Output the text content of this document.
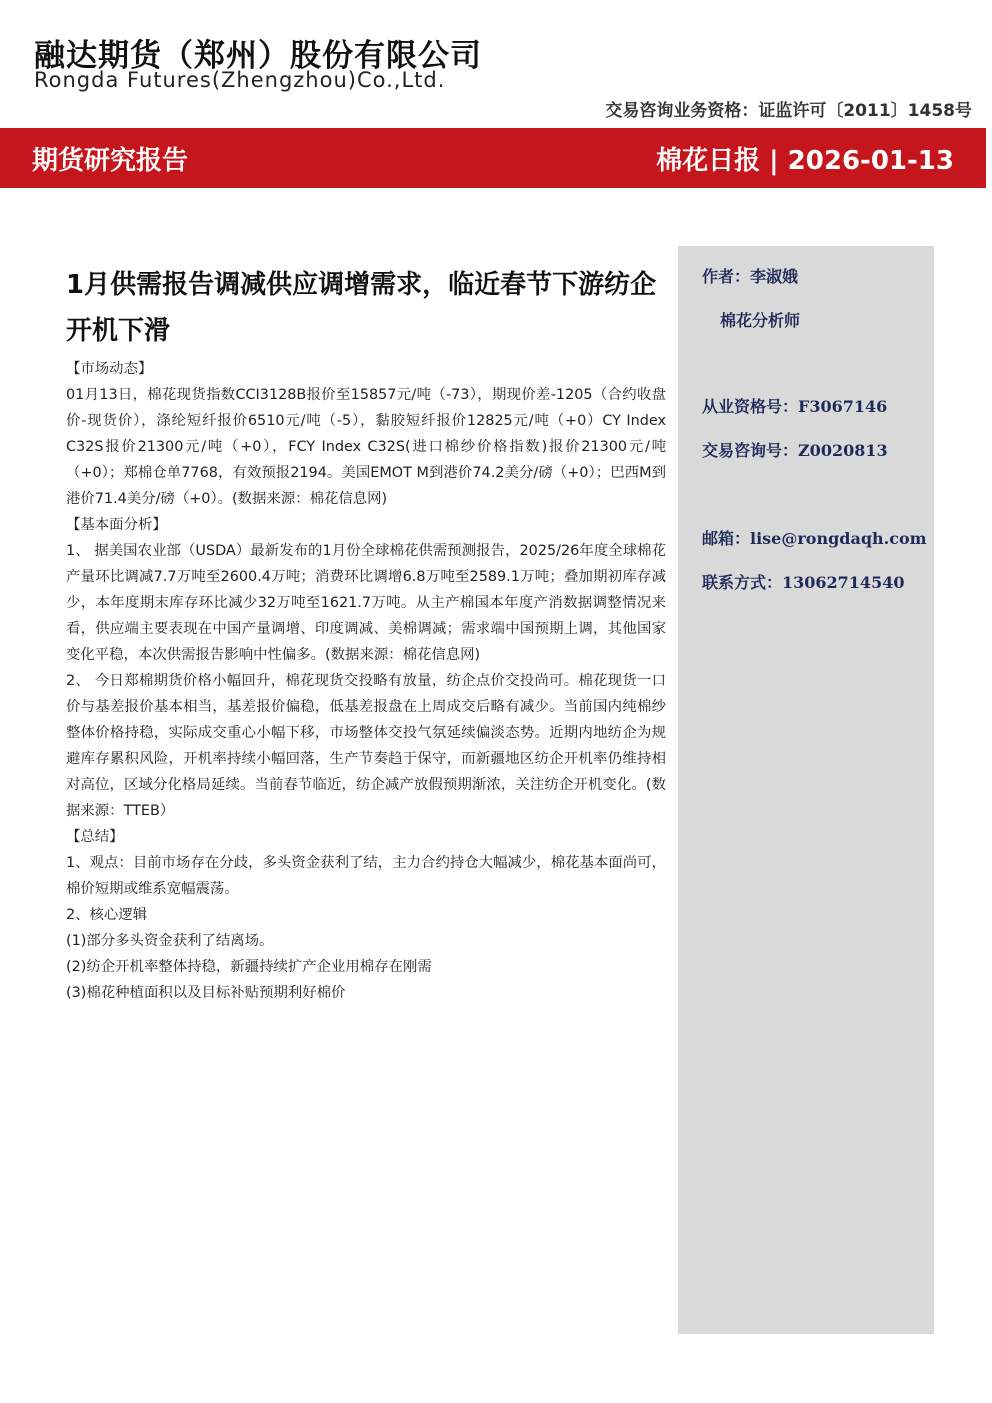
融达期货（郑州）股份有限公司
Rongda Futures(Zhengzhou)Co.,Ltd.
交易咨询业务资格：证监许可〔2011〕1458号
期货研究报告	棉花日报 | 2026-01-13
作者：李淑娥
棉花分析师
从业资格号：F3067146
交易咨询号：Z0020813
邮箱：lise@rongdaqh.com
联系方式：13062714540
1月供需报告调减供应调增需求，临近春节下游纺企开机下滑

【市场动态】

01月13日，棉花现货指数CCI3128B报价至15857元/吨（-73），期现价差-1205（合约收盘价-现货价），涤纶短纤报价6510元/吨（-5），黏胶短纤报价12825元/吨（+0）CY Index C32S报价21300元/吨（+0），FCY Index C32S(进口棉纱价格指数)报价21300元/吨（+0）；郑棉仓单7768，有效预报2194。美国EMOT M到港价74.2美分/磅（+0）；巴西M到港价71.4美分/磅（+0）。(数据来源：棉花信息网)

【基本面分析】

1、 据美国农业部（USDA）最新发布的1月份全球棉花供需预测报告，2025/26年度全球棉花产量环比调减7.7万吨至2600.4万吨；消费环比调增6.8万吨至2589.1万吨；叠加期初库存减少，本年度期末库存环比减少32万吨至1621.7万吨。从主产棉国本年度产消数据调整情况来看，供应端主要表现在中国产量调增、印度调减、美棉调减；需求端中国预期上调，其他国家变化平稳，本次供需报告影响中性偏多。(数据来源：棉花信息网)

2、 今日郑棉期货价格小幅回升，棉花现货交投略有放量，纺企点价交投尚可。棉花现货一口价与基差报价基本相当，基差报价偏稳，低基差报盘在上周成交后略有减少。当前国内纯棉纱整体价格持稳，实际成交重心小幅下移，市场整体交投气氛延续偏淡态势。近期内地纺企为规避库存累积风险，开机率持续小幅回落，生产节奏趋于保守，而新疆地区纺企开机率仍维持相对高位，区域分化格局延续。当前春节临近，纺企减产放假预期渐浓，关注纺企开机变化。(数据来源：TTEB）

【总结】

1、观点：目前市场存在分歧，多头资金获利了结，主力合约持仓大幅减少，棉花基本面尚可，棉价短期或维系宽幅震荡。

2、核心逻辑

(1)部分多头资金获利了结离场。

(2)纺企开机率整体持稳，新疆持续扩产企业用棉存在刚需

(3)棉花种植面积以及目标补贴预期利好棉价
